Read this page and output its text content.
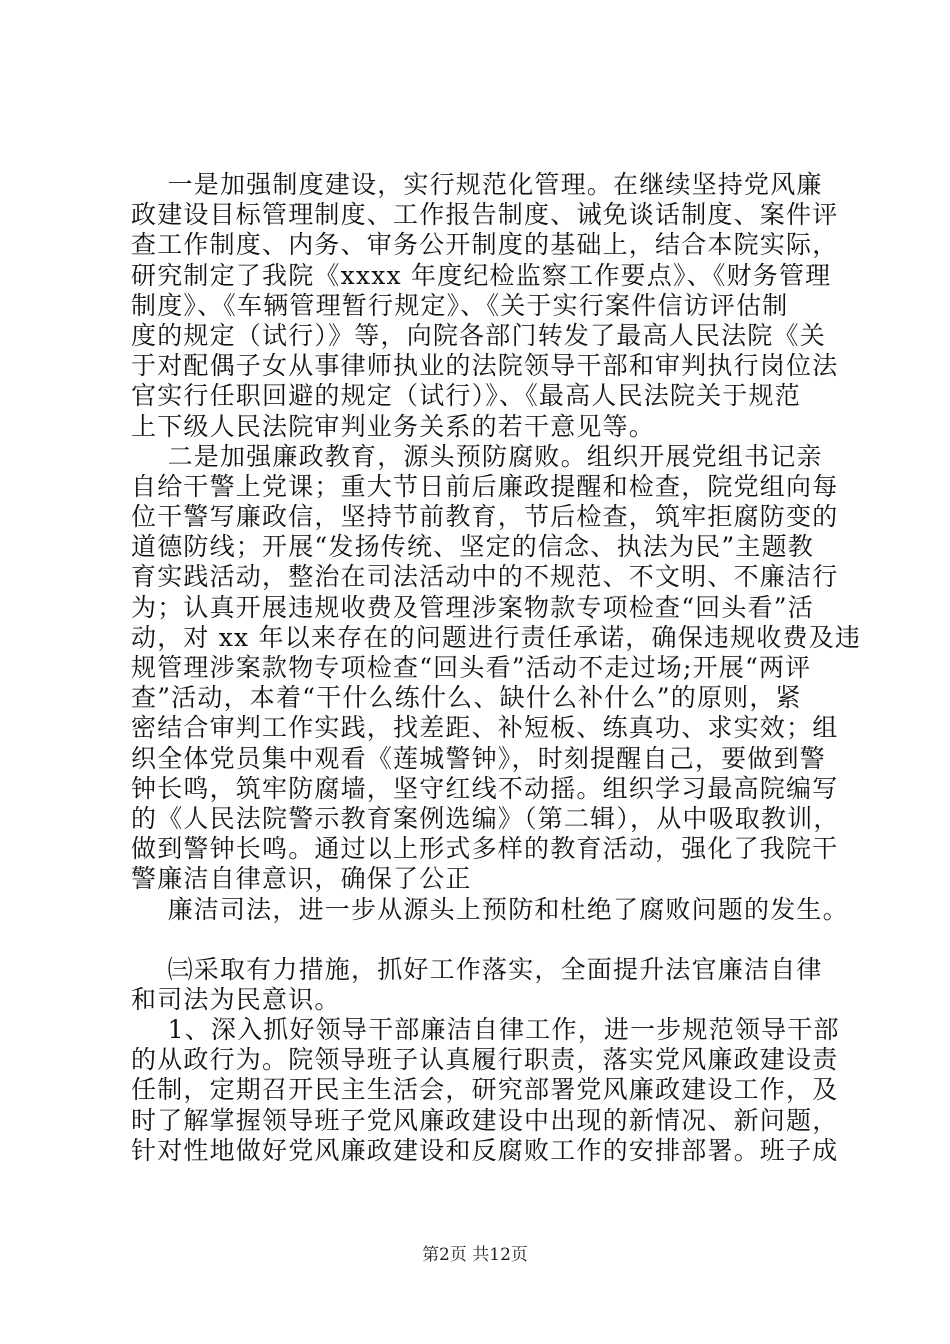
一是加强制度建设，实行规范化管理。在继续坚持党风廉
政建设目标管理制度、工作报告制度、诫免谈话制度、案件评
查工作制度、内务、审务公开制度的基础上，结合本院实际，
研究制定了我院《xxxx 年度纪检监察工作要点》、《财务管理
制度》、《车辆管理暂行规定》、《关于实行案件信访评估制
度的规定（试行）》等，向院各部门转发了最高人民法院《关
于对配偶子女从事律师执业的法院领导干部和审判执行岗位法
官实行任职回避的规定（试行）》、《最高人民法院关于规范
上下级人民法院审判业务关系的若干意见等。
二是加强廉政教育，源头预防腐败。组织开展党组书记亲
自给干警上党课；重大节日前后廉政提醒和检查，院党组向每
位干警写廉政信，坚持节前教育，节后检查，筑牢拒腐防变的
道德防线；开展“发扬传统、坚定的信念、执法为民”主题教
育实践活动，整治在司法活动中的不规范、不文明、不廉洁行
为；认真开展违规收费及管理涉案物款专项检查“回头看”活
动，对 xx 年以来存在的问题进行责任承诺，确保违规收费及违
规管理涉案款物专项检查“回头看”活动不走过场;开展“两评
查”活动，本着“干什么练什么、缺什么补什么”的原则，紧
密结合审判工作实践，找差距、补短板、练真功、求实效；组
织全体党员集中观看《莲城警钟》，时刻提醒自己，要做到警
钟长鸣，筑牢防腐墙，坚守红线不动摇。组织学习最高院编写
的《人民法院警示教育案例选编》（第二辑），从中吸取教训，
做到警钟长鸣。通过以上形式多样的教育活动，强化了我院干
警廉洁自律意识，确保了公正
廉洁司法，进一步从源头上预防和杜绝了腐败问题的发生。
㈢采取有力措施，抓好工作落实，全面提升法官廉洁自律
和司法为民意识。
1、深入抓好领导干部廉洁自律工作，进一步规范领导干部
的从政行为。院领导班子认真履行职责，落实党风廉政建设责
任制，定期召开民主生活会，研究部署党风廉政建设工作，及
时了解掌握领导班子党风廉政建设中出现的新情况、新问题，
针对性地做好党风廉政建设和反腐败工作的安排部署。班子成
第2页 共12页
